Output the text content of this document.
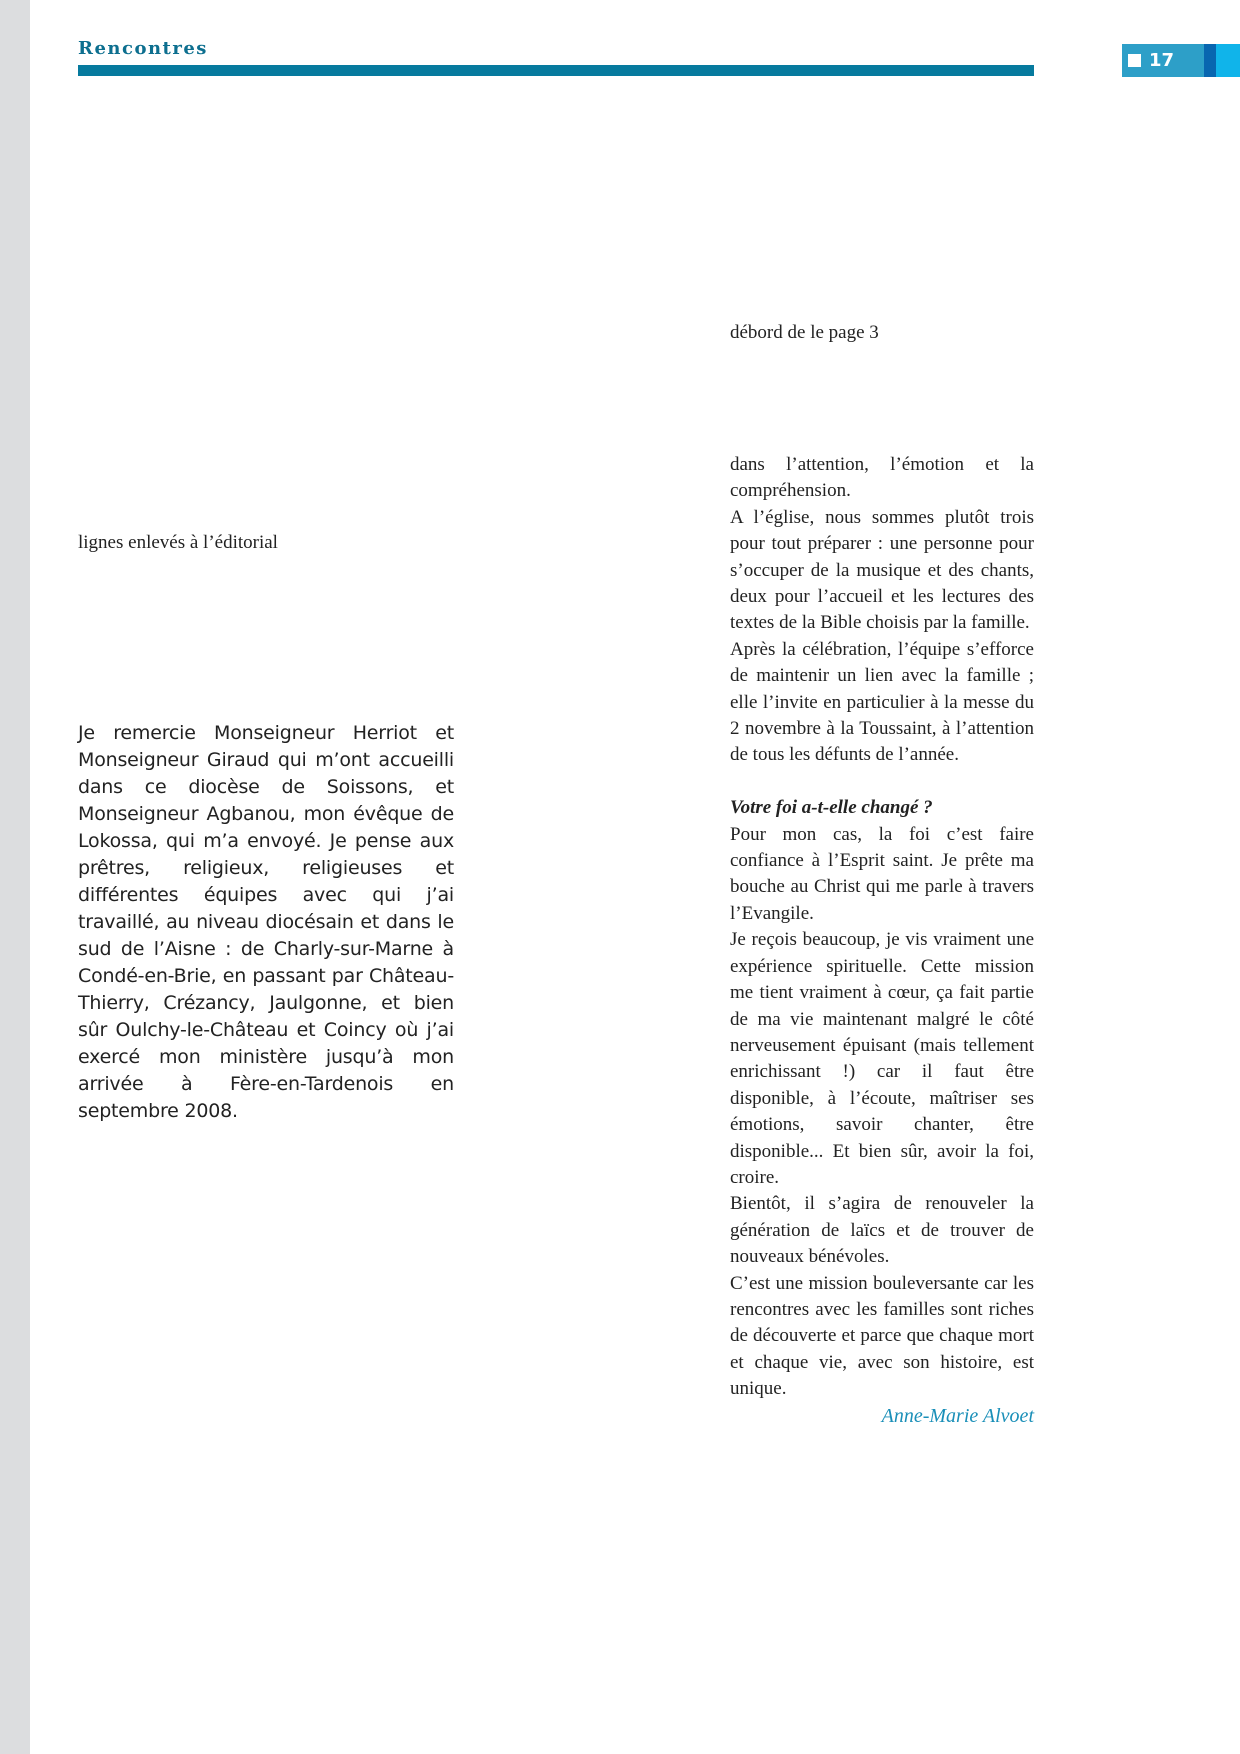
Rencontres
17
débord de le page 3
lignes enlevés à l’éditorial
Je remercie Monseigneur Herriot et Monseigneur Giraud qui m’ont accueilli dans ce diocèse de Soissons, et Monseigneur Agbanou, mon évêque de Lokossa, qui m’a envoyé. Je pense aux prêtres, religieux, religieuses et différentes équipes avec qui j’ai travaillé, au niveau diocésain et dans le sud de l’Aisne : de Charly-sur-Marne à Condé-en-Brie, en passant par Château-Thierry, Crézancy, Jaulgonne, et bien sûr Oulchy-le-Château et Coincy où j’ai exercé mon ministère jusqu’à mon arrivée à Fère-en-Tardenois en septembre 2008.

dans l’attention, l’émotion et la compréhension.

A l’église, nous sommes plutôt trois pour tout préparer : une personne pour s’occuper de la musique et des chants, deux pour l’accueil et les lectures des textes de la Bible choisis par la famille.

Après la célébration, l’équipe s’efforce de maintenir un lien avec la famille ; elle l’invite en particulier à la messe du 2 novembre à la Toussaint, à l’attention de tous les défunts de l’année.

Votre foi a-t-elle changé ?

Pour mon cas, la foi c’est faire confiance à l’Esprit saint. Je prête ma bouche au Christ qui me parle à travers l’Evangile.

Je reçois beaucoup, je vis vraiment une expérience spirituelle. Cette mission me tient vraiment à cœur, ça fait partie de ma vie maintenant malgré le côté nerveusement épuisant (mais tellement enrichissant !) car il faut être disponible, à l’écoute, maîtriser ses émotions, savoir chanter, être disponible... Et bien sûr, avoir la foi, croire.

Bientôt, il s’agira de renouveler la génération de laïcs et de trouver de nouveaux bénévoles.

C’est une mission bouleversante car les rencontres avec les familles sont riches de découverte et parce que chaque mort et chaque vie, avec son histoire, est unique.

Anne-Marie Alvoet
